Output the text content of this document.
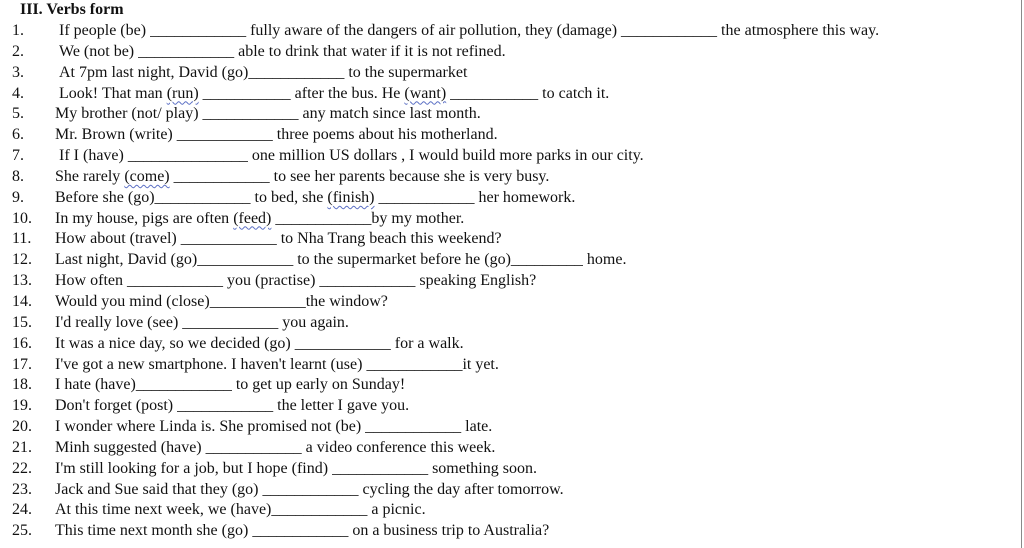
III. Verbs form
1. If people (be) ____________ fully aware of the dangers of air pollution, they (damage) ____________ the atmosphere this way.
2. We (not be) ____________ able to drink that water if it is not refined.
3. At 7pm last night, David (go)____________ to the supermarket
4. Look! That man (run) ___________ after the bus. He (want) ___________ to catch it.
5. My brother (not/ play) ____________ any match since last month.
6. Mr. Brown (write) ____________ three poems about his motherland.
7. If I (have) _______________ one million US dollars , I would build more parks in our city.
8. She rarely (come) ____________ to see her parents because she is very busy.
9. Before she (go)____________ to bed, she (finish) ____________ her homework.
10. In my house, pigs are often (feed) ____________by my mother.
11. How about (travel) ____________ to Nha Trang beach this weekend?
12. Last night, David (go)____________ to the supermarket before he (go)_________ home.
13. How often ____________ you (practise) ____________ speaking English?
14. Would you mind (close)____________the window?
15. I'd really love (see) ____________ you again.
16. It was a nice day, so we decided (go) ____________ for a walk.
17. I've got a new smartphone. I haven't learnt (use) ____________it yet.
18. I hate (have)____________ to get up early on Sunday!
19. Don't forget (post) ____________ the letter I gave you.
20. I wonder where Linda is. She promised not (be) ____________ late.
21. Minh suggested (have) ____________ a video conference this week.
22. I'm still looking for a job, but I hope (find) ____________ something soon.
23. Jack and Sue said that they (go) ____________ cycling the day after tomorrow.
24. At this time next week, we (have)____________ a picnic.
25. This time next month she (go) ____________ on a business trip to Australia?
